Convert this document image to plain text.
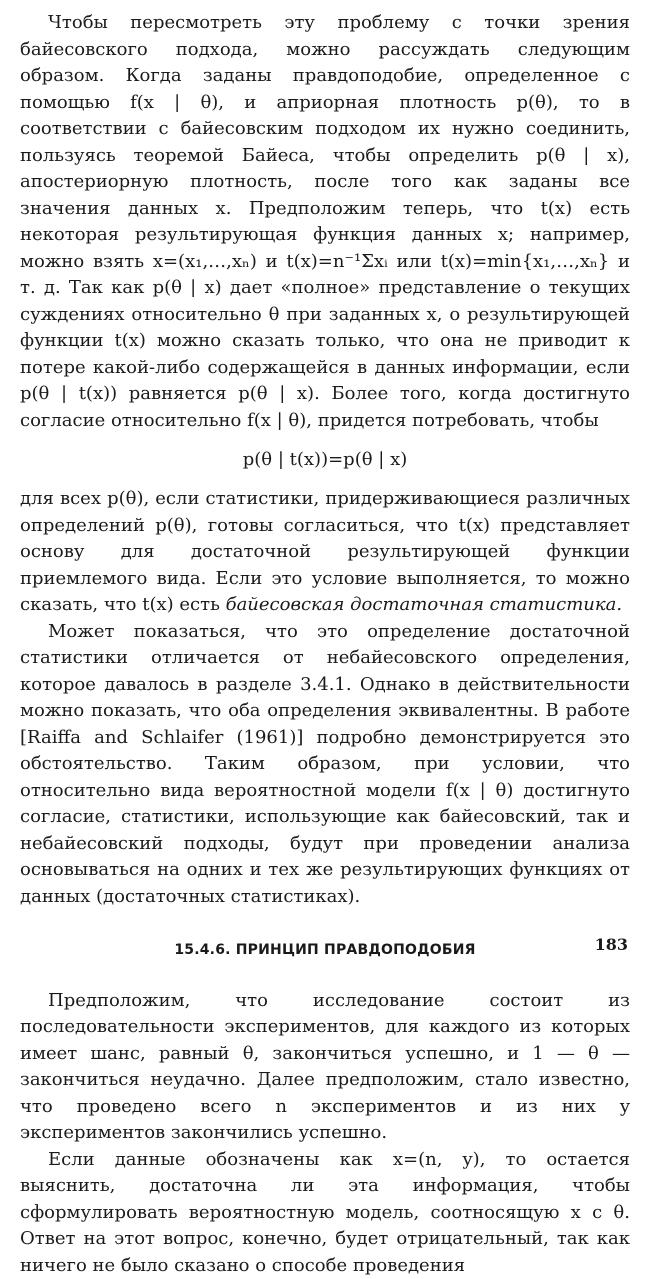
Чтобы пересмотреть эту проблему с точки зрения байесовского подхода, можно рассуждать следующим образом. Когда заданы правдоподобие, определенное с помощью f(x | θ), и априорная плотность p(θ), то в соответствии с байесовским подходом их нужно соединить, пользуясь теоремой Байеса, чтобы определить p(θ | x), апостериорную плотность, после того как заданы все значения данных x. Предположим теперь, что t(x) есть некоторая результирующая функция данных x; например, можно взять x=(x₁,…,xₙ) и t(x)=n⁻¹Σxᵢ или t(x)=min{x₁,…,xₙ} и т. д. Так как p(θ | x) дает «полное» представление о текущих суждениях относительно θ при заданных x, о результирующей функции t(x) можно сказать только, что она не приводит к потере какой-либо содержащейся в данных информации, если p(θ | t(x)) равняется p(θ | x). Более того, когда достигнуто согласие относительно f(x | θ), придется потребовать, чтобы

p(θ | t(x))=p(θ | x)

для всех p(θ), если статистики, придерживающиеся различных определений p(θ), готовы согласиться, что t(x) представляет основу для достаточной результирующей функции приемлемого вида. Если это условие выполняется, то можно сказать, что t(x) есть байесовская достаточная статистика.

Может показаться, что это определение достаточной статистики отличается от небайесовского определения, которое давалось в разделе 3.4.1. Однако в действительности можно показать, что оба определения эквивалентны. В работе [Raiffa and Schlaifer (1961)] подробно демонстрируется это обстоятельство. Таким образом, при условии, что относительно вида вероятностной модели f(x | θ) достигнуто согласие, статистики, использующие как байесовский, так и небайесовский подходы, будут при проведении анализа основываться на одних и тех же результирующих функциях от данных (достаточных статистиках).

15.4.6. ПРИНЦИП ПРАВДОПОДОБИЯ

Предположим, что исследование состоит из последовательности экспериментов, для каждого из которых имеет шанс, равный θ, закончиться успешно, и 1 — θ — закончиться неудачно. Далее предположим, стало известно, что проведено всего n экспериментов и из них y экспериментов закончились успешно.

Если данные обозначены как x=(n, y), то остается выяснить, достаточна ли эта информация, чтобы сформулировать вероятностную модель, соотносящую x с θ. Ответ на этот вопрос, конечно, будет отрицательный, так как ничего не было сказано о способе проведения

183
